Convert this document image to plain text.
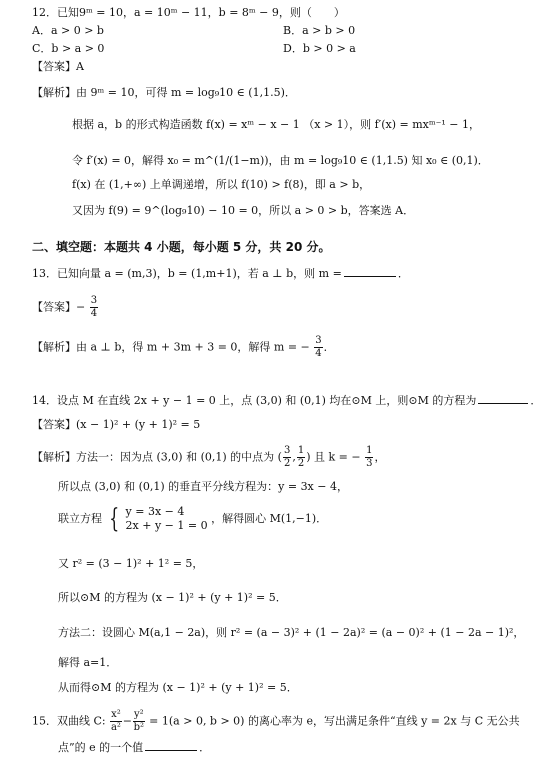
12．已知9ᵐ = 10，a = 10ᵐ − 11，b = 8ᵐ − 9，则（　　）
A．a > 0 > b	B．a > b > 0
C．b > a > 0	D．b > 0 > a
【答案】A
【解析】由 9ᵐ = 10，可得 m = log₉10 ∈ (1,1.5)．
根据 a，b 的形式构造函数 f(x) = xᵐ − x − 1 （x > 1），则 f′(x) = mxᵐ⁻¹ − 1，
令 f′(x) = 0，解得 x₀ = m^(1/(1−m))，由 m = log₉10 ∈ (1,1.5) 知 x₀ ∈ (0,1)．
f(x) 在 (1,+∞) 上单调递增，所以 f(10) > f(8)，即 a > b，
又因为 f(9) = 9^(log₉10) − 10 = 0，所以 a > 0 > b，答案选 A．
二、填空题：本题共 4 小题，每小题 5 分，共 20 分。
13．已知向量 a = (m,3)，b = (1,m+1)，若 a ⊥ b，则 m =	．
【答案】− $\frac{3}{4}$
【解析】由 a ⊥ b，得 m + 3m + 3 = 0，解得 m = − $\frac{3}{4}$ ．
14．设点 M 在直线 2x + y − 1 = 0 上，点 (3,0) 和 (0,1) 均在⊙M 上，则⊙M 的方程为	．
【答案】(x − 1)² + (y + 1)² = 5
【解析】方法一：因为点 (3,0) 和 (0,1) 的中点为 ( $\frac{3}{2}$ , $\frac{1}{2}$ ) 且 k = − $\frac{1}{3}$ ，
所以点 (3,0) 和 (0,1) 的垂直平分线方程为：y = 3x − 4，
联立方程 { y = 3x − 4
2x + y − 1 = 0
，解得圆心 M(1,−1)．
又 r² = (3 − 1)² + 1² = 5，
所以⊙M 的方程为 (x − 1)² + (y + 1)² = 5．
方法二：设圆心 M(a,1 − 2a)，则 r² = (a − 3)² + (1 − 2a)² = (a − 0)² + (1 − 2a − 1)²，
解得 a=1．
从而得⊙M 的方程为 (x − 1)² + (y + 1)² = 5．
15．双曲线 C: $\frac{\text{x²}}{\text{a²}} - \frac{\text{y²}}{\text{b²}} = 1(a > 0$, b > 0) 的离心率为 e，写出满足条件“直线 y = 2x 与 C 无公共
点”的 e 的一个值	．
